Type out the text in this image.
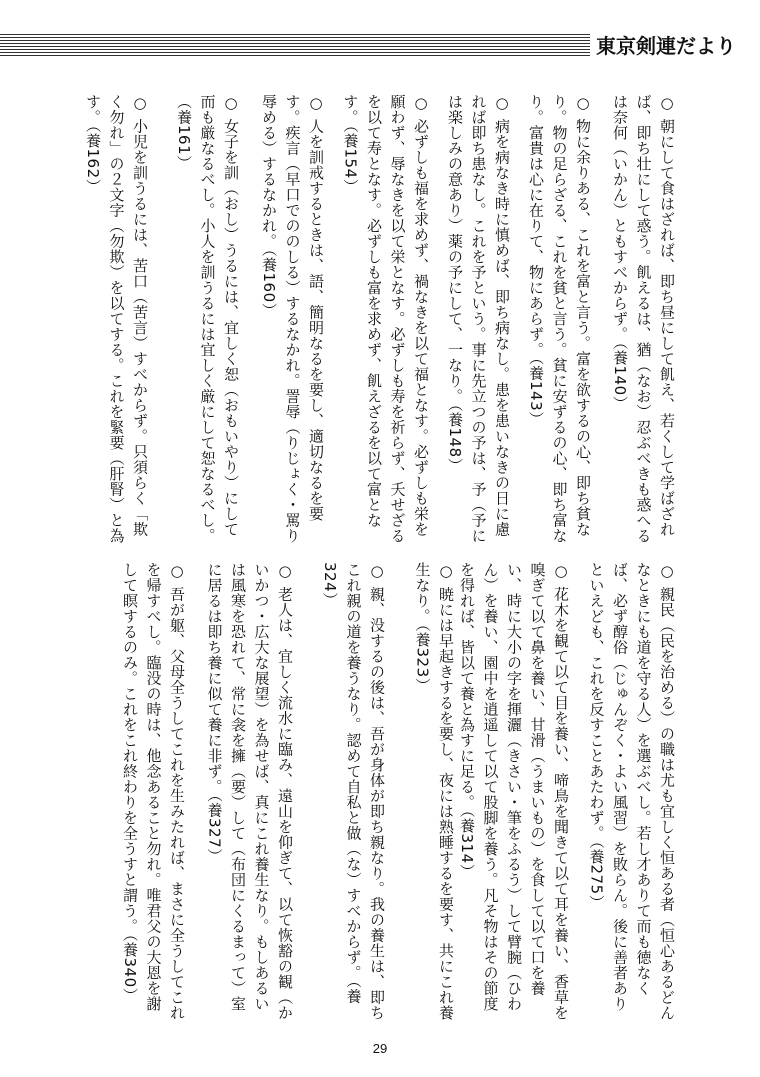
東京剣連だより
○朝にして食はざれば、即ち昼にして飢え、若くして学ばざれば、即ち壮にして惑う。飢えるは、猶（なお）忍ぶべきも惑へるは奈何（いかん）ともすべからず。（養140）
○物に余りある、これを富と言う。富を欲するの心、即ち貧なり。物の足らざる、これを貧と言う。貧に安ずるの心、即ち富なり。富貴は心に在りて、物にあらず。（養143）
○病を病なき時に慎めば、即ち病なし。患を患いなきの日に慮れば即ち患なし。これを予という。事に先立つの予は、予（予には楽しみの意あり）薬の予にして、一なり。（養148）
○必ずしも福を求めず、禍なきを以て福となす。必ずしも栄を願わず、辱なきを以て栄となす。必ずしも寿を祈らず、夭せざるを以て寿となす。必ずしも富を求めず、飢えざるを以て富となす。（養154）
○人を訓戒するときは、語、簡明なるを要し、適切なるを要す。疾言（早口でののしる）するなかれ。詈辱（りじょく・罵り辱める）するなかれ。（養160）
○女子を訓（おし）うるには、宜しく恕（おもいやり）にして而も厳なるべし。小人を訓うるには宜しく厳にして恕なるべし。（養161）
○小児を訓うるには、苦口（苦言）すべからず。只須らく「欺く勿れ」の２文字（勿欺）を以てする。これを緊要（肝腎）と為す。（養162）
○親民（民を治める）の職は尤も宜しく恒ある者（恒心あるどんなときにも道を守る人）を選ぶべし。若し才ありて而も徳なくば、必ず醇俗（じゅんぞく・よい風習）を敗らん。後に善者ありといえども、これを反すことあたわず。（養275）
○花木を観て以て目を養い、啼鳥を聞きて以て耳を養い、香草を嗅ぎて以て鼻を養い、甘滑（うまいもの）を食して以て口を養い、時に大小の字を揮灑（きさい・筆をふるう）して臂腕（ひわん）を養い、園中を逍遥して以て股脚を養う。凡そ物はその節度を得れば、皆以て養と為すに足る。（養314）
○暁には早起きするを要し、夜には熟睡するを要す、共にこれ養生なり。（養323）
○親、没するの後は、吾が身体が即ち親なり。我の養生は、即ちこれ親の道を養うなり。認めて自私と做（な）すべからず。（養324）
○老人は、宜しく流水に臨み、遠山を仰ぎて、以て恢豁の観（かいかつ・広大な展望）を為せば、真にこれ養生なり。もしあるいは風寒を恐れて、常に衾を擁（要）して（布団にくるまって）室に居るは即ち養に似て養に非ず。（養327）
○吾が躯、父母全うしてこれを生みたれば、まさに全うしてこれを帰すべし。臨没の時は、他念あること勿れ。唯君父の大恩を謝して瞑するのみ。これをこれ終わりを全うすと謂う。（養340）
29
